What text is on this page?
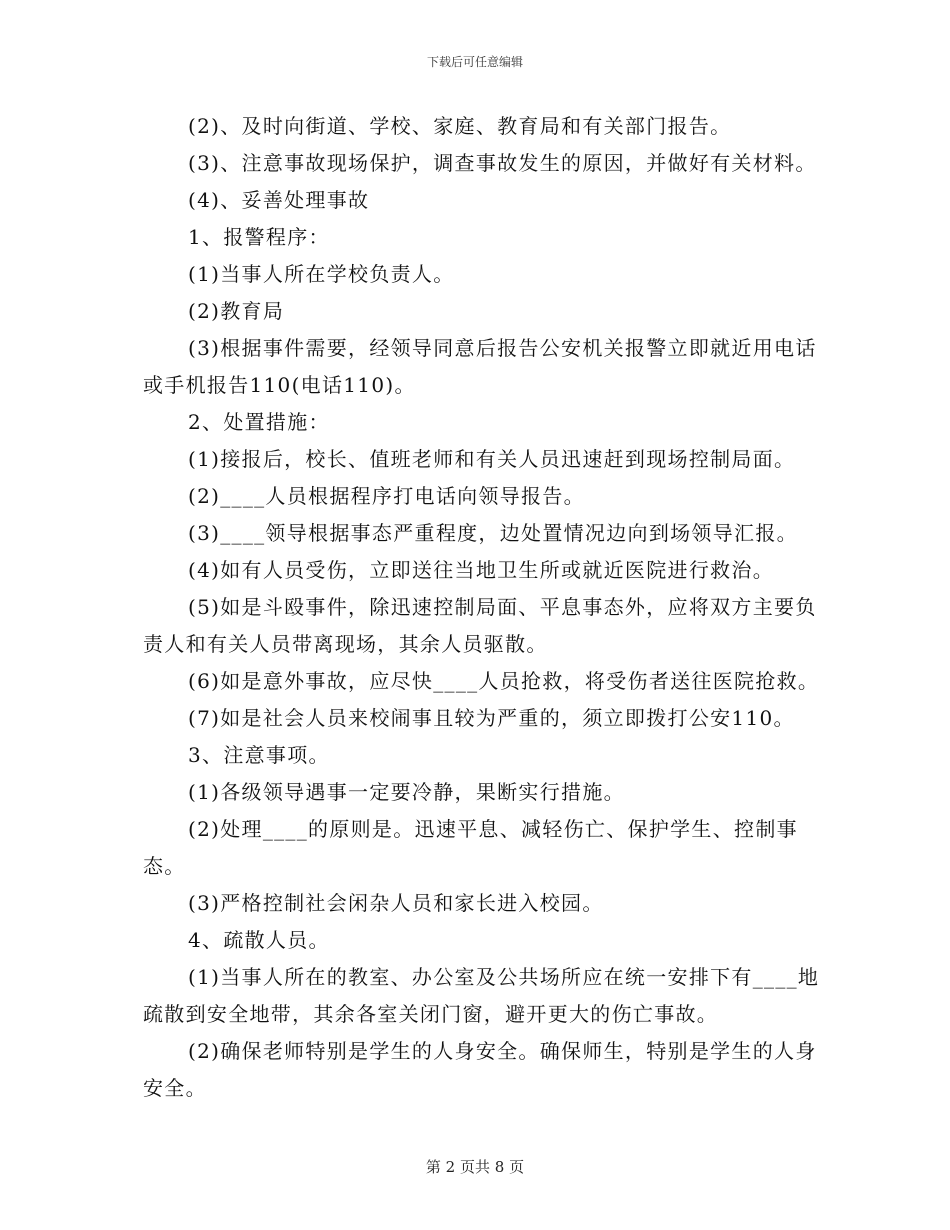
下载后可任意编辑

(2)、及时向街道、学校、家庭、教育局和有关部门报告。

(3)、注意事故现场保护，调查事故发生的原因，并做好有关材料。

(4)、妥善处理事故

1、报警程序：

(1)当事人所在学校负责人。

(2)教育局

(3)根据事件需要，经领导同意后报告公安机关报警立即就近用电话或手机报告110(电话110)。

2、处置措施：

(1)接报后，校长、值班老师和有关人员迅速赶到现场控制局面。

(2)____人员根据程序打电话向领导报告。

(3)____领导根据事态严重程度，边处置情况边向到场领导汇报。

(4)如有人员受伤，立即送往当地卫生所或就近医院进行救治。

(5)如是斗殴事件，除迅速控制局面、平息事态外，应将双方主要负责人和有关人员带离现场，其余人员驱散。

(6)如是意外事故，应尽快____人员抢救，将受伤者送往医院抢救。

(7)如是社会人员来校闹事且较为严重的，须立即拨打公安110。

3、注意事项。

(1)各级领导遇事一定要冷静，果断实行措施。

(2)处理____的原则是。迅速平息、减轻伤亡、保护学生、控制事态。

(3)严格控制社会闲杂人员和家长进入校园。

4、疏散人员。

(1)当事人所在的教室、办公室及公共场所应在统一安排下有____地疏散到安全地带，其余各室关闭门窗，避开更大的伤亡事故。

(2)确保老师特别是学生的人身安全。确保师生，特别是学生的人身安全。

第 2 页共 8 页
